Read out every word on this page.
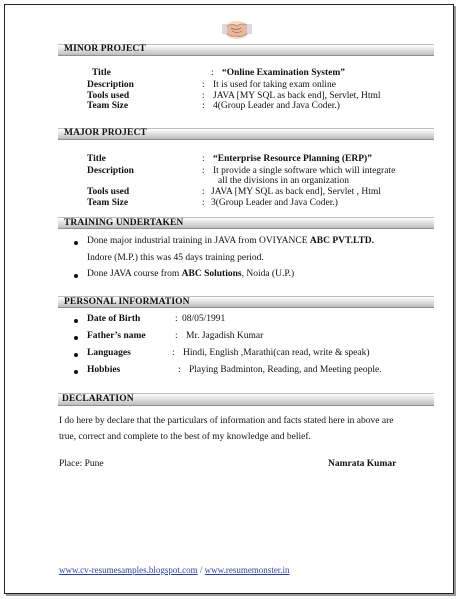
MINOR PROJECT
Title	: “Online Examination System”
Description	: It is used for taking exam online
Tools used	: JAVA [MY SQL as back end], Servlet, Html
Team Size	: 4(Group Leader and Java Coder.)
MAJOR PROJECT
Title	: “Enterprise Resource Planning (ERP)”
Description	: It provide a single software which will integrate
all the divisions in an organization
Tools used	: JAVA [MY SQL as back end], Servlet , Html
Team Size	: 3(Group Leader and Java Coder.)
TRAINING UNDERTAKEN
Done major industrial training in JAVA from OVIYANCE ABC PVT.LTD.
Indore (M.P.) this was 45 days training period.
Done JAVA course from ABC Solutions, Noida (U.P.)
PERSONAL INFORMATION
Date of Birth	: 08/05/1991
Father’s name	: Mr. Jagadish Kumar
Languages	: Hindi, English ,Marathi(can read, write & speak)
Hobbies	: Playing Badminton, Reading, and Meeting people.
DECLARATION
I do here by declare that the particulars of information and facts stated here in above are
true, correct and complete to the best of my knowledge and belief.
Place: Pune	Namrata Kumar
www.cv-resumesamples.blogspot.com / www.resumemonster.in
